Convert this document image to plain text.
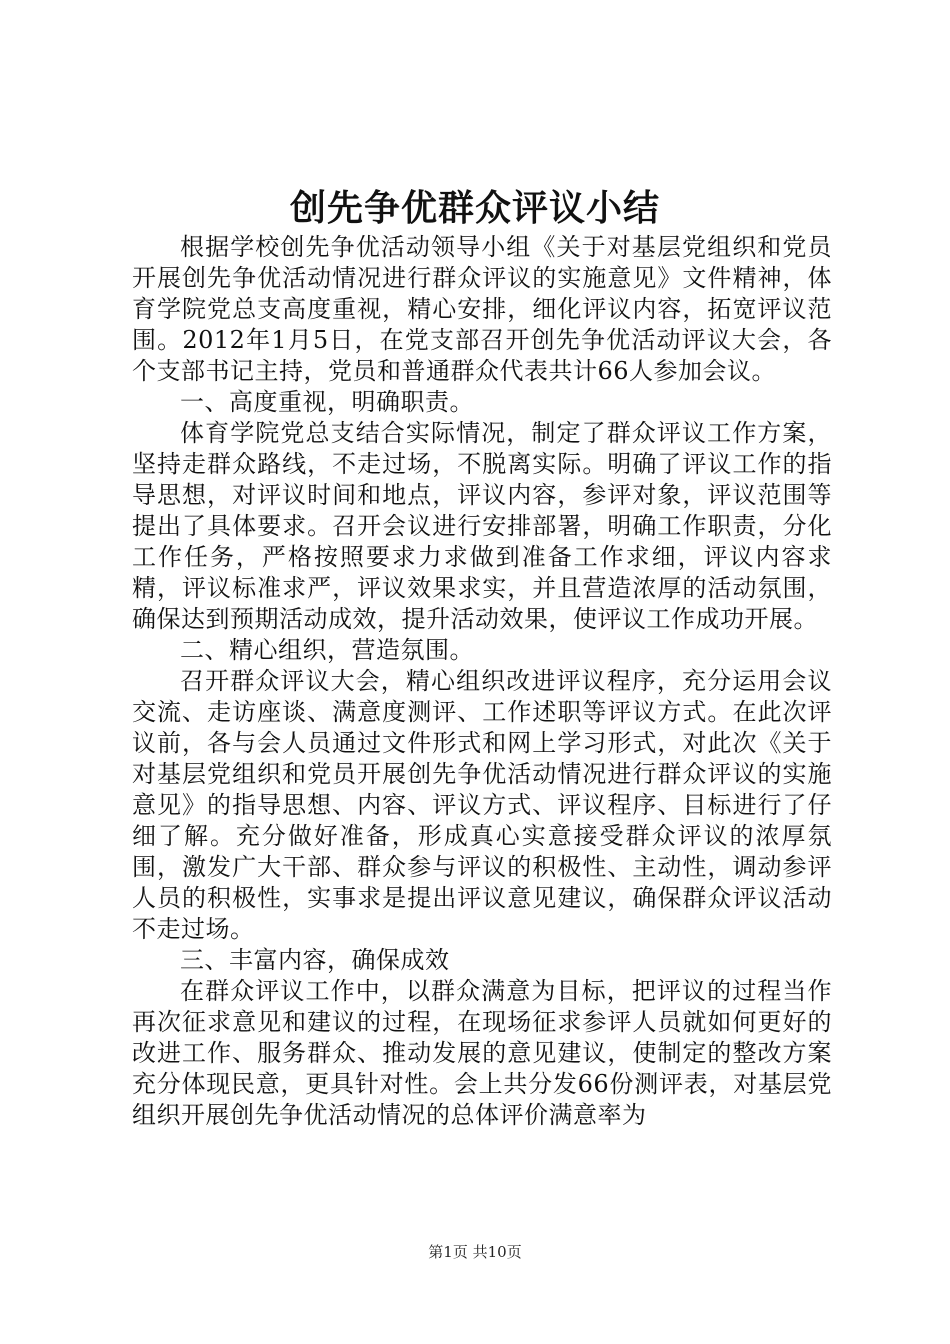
创先争优群众评议小结

根据学校创先争优活动领导小组《关于对基层党组织和党员开展创先争优活动情况进行群众评议的实施意见》文件精神，体育学院党总支高度重视，精心安排，细化评议内容，拓宽评议范围。2012年1月5日，在党支部召开创先争优活动评议大会，各个支部书记主持，党员和普通群众代表共计66人参加会议。

一、高度重视，明确职责。

体育学院党总支结合实际情况，制定了群众评议工作方案，坚持走群众路线，不走过场，不脱离实际。明确了评议工作的指导思想，对评议时间和地点，评议内容，参评对象，评议范围等提出了具体要求。召开会议进行安排部署，明确工作职责，分化工作任务，严格按照要求力求做到准备工作求细，评议内容求精，评议标准求严，评议效果求实，并且营造浓厚的活动氛围，确保达到预期活动成效，提升活动效果，使评议工作成功开展。

二、精心组织，营造氛围。

召开群众评议大会，精心组织改进评议程序，充分运用会议交流、走访座谈、满意度测评、工作述职等评议方式。在此次评议前，各与会人员通过文件形式和网上学习形式，对此次《关于对基层党组织和党员开展创先争优活动情况进行群众评议的实施意见》的指导思想、内容、评议方式、评议程序、目标进行了仔细了解。充分做好准备，形成真心实意接受群众评议的浓厚氛围，激发广大干部、群众参与评议的积极性、主动性，调动参评人员的积极性，实事求是提出评议意见建议，确保群众评议活动不走过场。

三、丰富内容，确保成效

在群众评议工作中，以群众满意为目标，把评议的过程当作再次征求意见和建议的过程，在现场征求参评人员就如何更好的改进工作、服务群众、推动发展的意见建议，使制定的整改方案充分体现民意，更具针对性。会上共分发66份测评表，对基层党组织开展创先争优活动情况的总体评价满意率为

第1页 共10页
